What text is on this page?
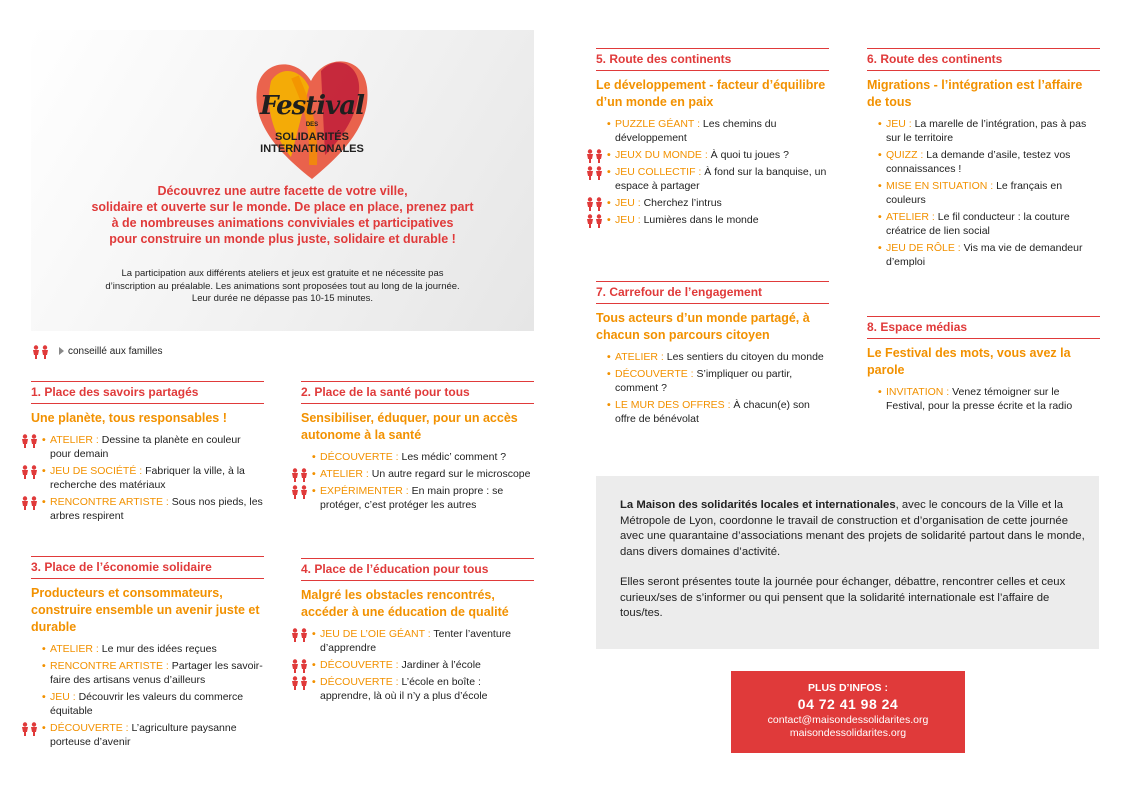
Festival
DES
SOLIDARITÉS INTERNATIONALES
Découvrez une autre facette de votre ville,
solidaire et ouverte sur le monde. De place en place, prenez part
à de nombreuses animations conviviales et participatives
pour construire un monde plus juste, solidaire et durable !
La participation aux différents ateliers et jeux est gratuite et ne nécessite pas
d’inscription au préalable. Les animations sont proposées tout au long de la journée.
Leur durée ne dépasse pas 10-15 minutes.
conseillé aux familles
1. Place des savoirs partagés
Une planète, tous responsables !
• ATELIER : Dessine ta planète en couleur pour demain
• JEU DE SOCIÉTÉ : Fabriquer la ville, à la recherche des matériaux
• RENCONTRE ARTISTE : Sous nos pieds, les arbres respirent
2. Place de la santé pour tous
Sensibiliser, éduquer, pour un accès autonome à la santé
• DÉCOUVERTE : Les médic’ comment ?
• ATELIER : Un autre regard sur le microscope
• EXPÉRIMENTER : En main propre : se protéger, c’est protéger les autres
3. Place de l’économie solidaire
Producteurs et consommateurs, construire ensemble un avenir juste et durable
• ATELIER : Le mur des idées reçues
• RENCONTRE ARTISTE : Partager les savoir-faire des artisans venus d’ailleurs
• JEU : Découvrir les valeurs du commerce équitable
• DÉCOUVERTE : L’agriculture paysanne porteuse d’avenir
4. Place de l’éducation pour tous
Malgré les obstacles rencontrés, accéder à une éducation de qualité
• JEU DE L’OIE GÉANT : Tenter l’aventure d’apprendre
• DÉCOUVERTE : Jardiner à l’école
• DÉCOUVERTE : L’école en boîte : apprendre, là où il n’y a plus d’école
5. Route des continents
Le développement - facteur d’équilibre d’un monde en paix
• PUZZLE GÉANT : Les chemins du développement
• JEUX DU MONDE : À quoi tu joues ?
• JEU COLLECTIF : À fond sur la banquise, un espace à partager
• JEU : Cherchez l’intrus
• JEU : Lumières dans le monde
6. Route des continents
Migrations - l’intégration est l’affaire de tous
• JEU : La marelle de l’intégration, pas à pas sur le territoire
• QUIZZ : La demande d’asile, testez vos connaissances !
• MISE EN SITUATION : Le français en couleurs
• ATELIER : Le fil conducteur : la couture créatrice de lien social
• JEU DE RÔLE : Vis ma vie de demandeur d’emploi
7. Carrefour de l’engagement
Tous acteurs d’un monde partagé, à chacun son parcours citoyen
• ATELIER : Les sentiers du citoyen du monde
• DÉCOUVERTE : S’impliquer ou partir, comment ?
• LE MUR DES OFFRES : À chacun(e) son offre de bénévolat
8. Espace médias
Le Festival des mots, vous avez la parole
• INVITATION : Venez témoigner sur le Festival, pour la presse écrite et la radio

La Maison des solidarités locales et internationales, avec le concours de la Ville et la Métropole de Lyon, coordonne le travail de construction et d’organisation de cette journée avec une quarantaine d’associations menant des projets de solidarité partout dans le monde, dans divers domaines d’activité.

Elles seront présentes toute la journée pour échanger, débattre, rencontrer celles et ceux curieux/ses de s’informer ou qui pensent que la solidarité internationale est l’affaire de tous/tes.

PLUS D’INFOS :
04 72 41 98 24
contact@maisondessolidarites.org
maisondessolidarites.org
